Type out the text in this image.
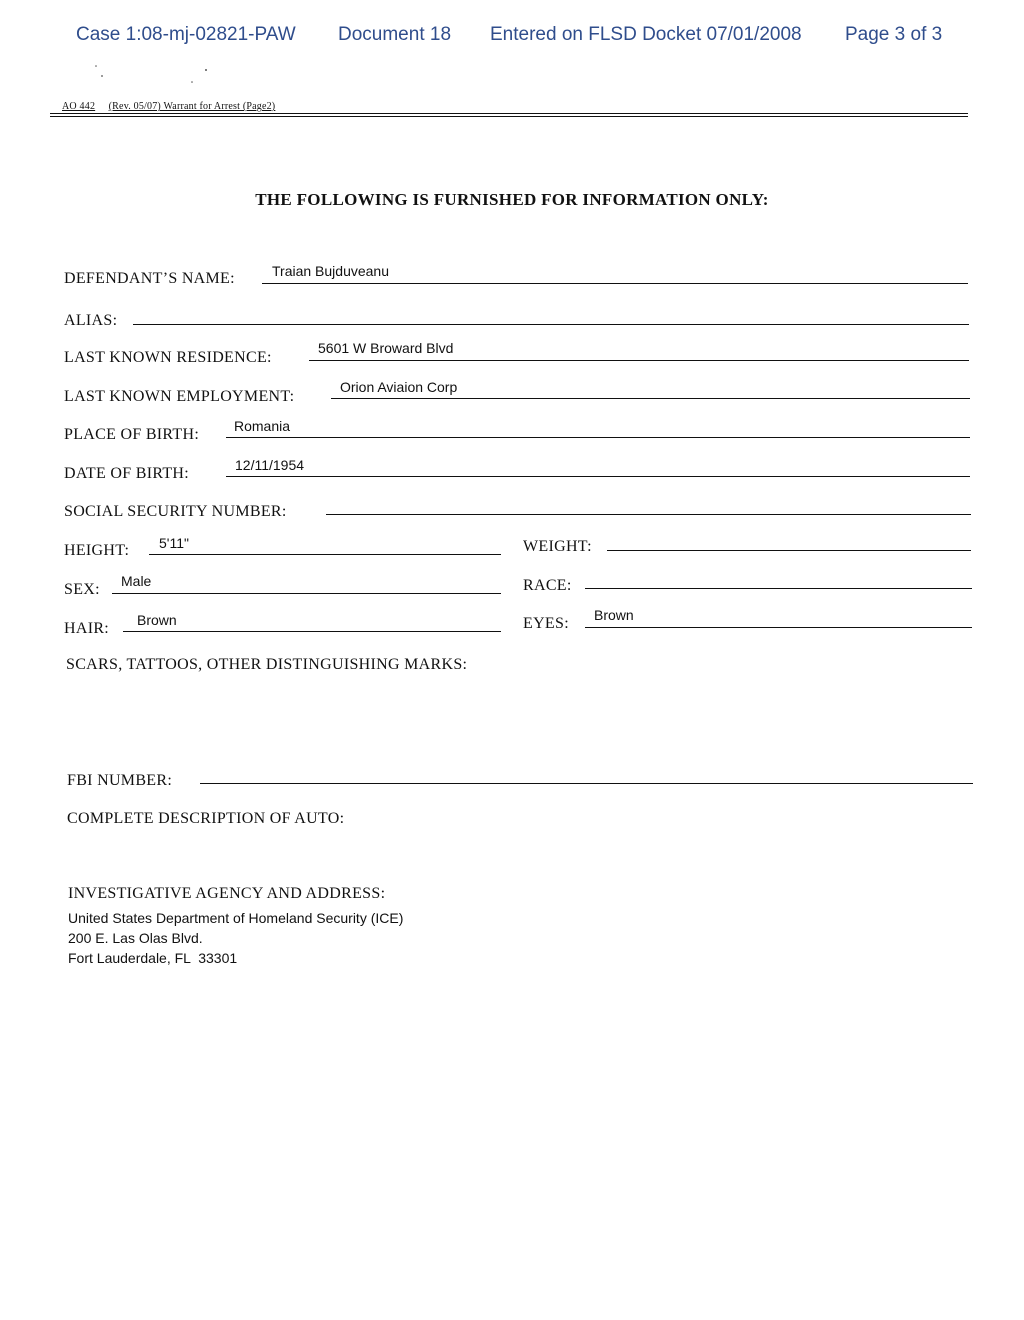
Case 1:08-mj-02821-PAW Document 18 Entered on FLSD Docket 07/01/2008 Page 3 of 3
AO 442 (Rev. 05/07) Warrant for Arrest (Page2)
THE FOLLOWING IS FURNISHED FOR INFORMATION ONLY:
DEFENDANT’S NAME:	Traian Bujduveanu
ALIAS:
LAST KNOWN RESIDENCE:
5601 W Broward Blvd
LAST KNOWN EMPLOYMENT:
Orion Aviaion Corp
PLACE OF BIRTH: Romania
DATE OF BIRTH:	12/11/1954
SOCIAL SECURITY NUMBER:
HEIGHT: 5'11"	WEIGHT:
SEX: Male	RACE:
HAIR: Brown	EYES: Brown
SCARS, TATTOOS, OTHER DISTINGUISHING MARKS:
FBI NUMBER:
COMPLETE DESCRIPTION OF AUTO:
INVESTIGATIVE AGENCY AND ADDRESS:
United States Department of Homeland Security (ICE)
200 E. Las Olas Blvd.
Fort Lauderdale, FL  33301
